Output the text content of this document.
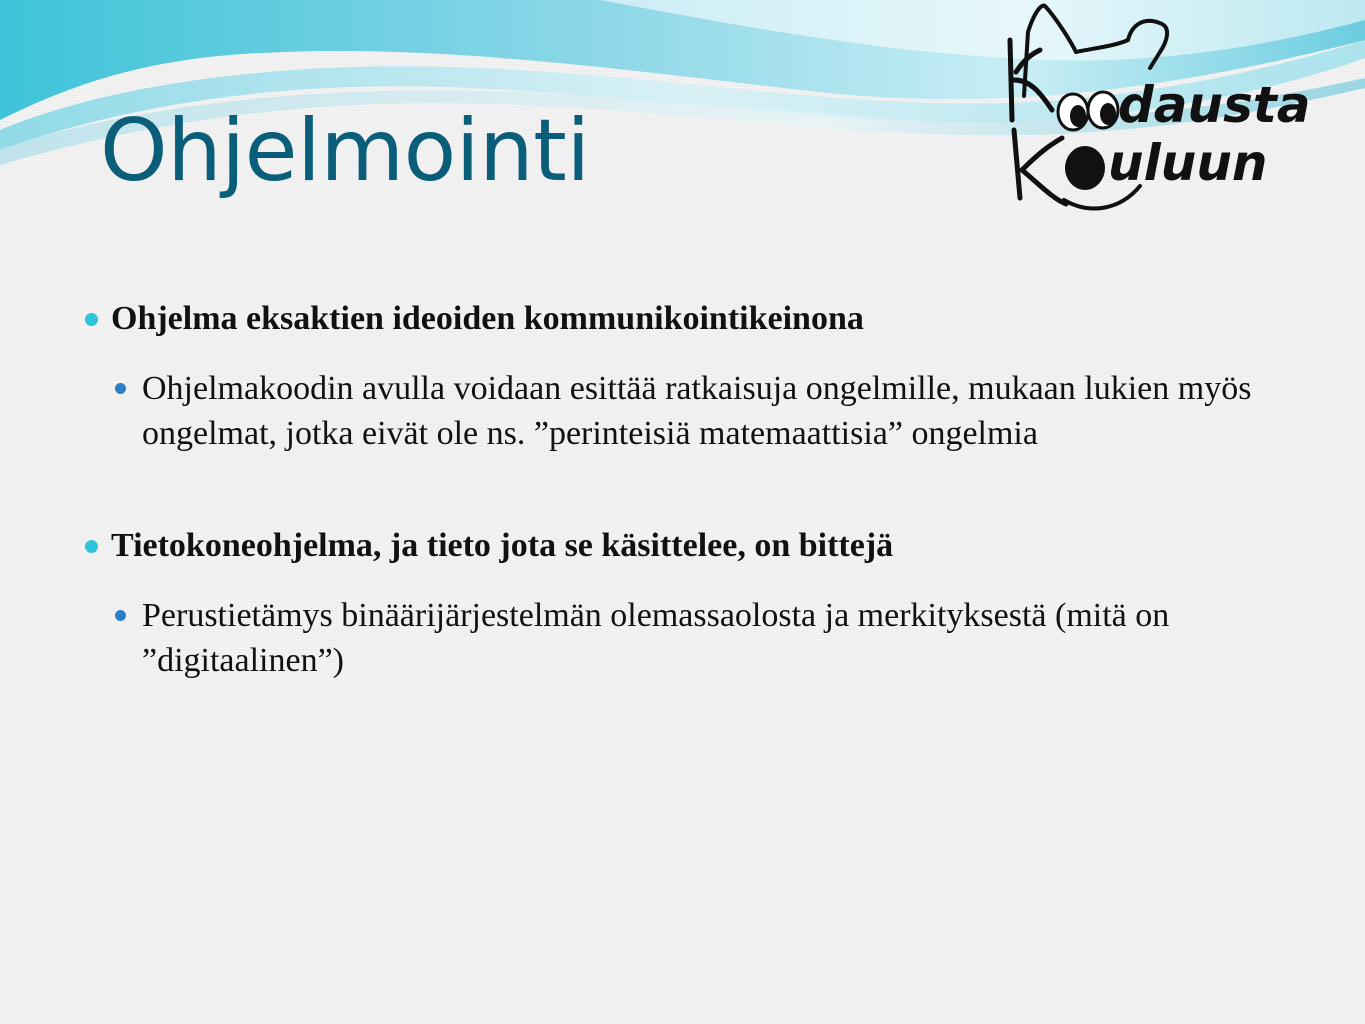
Ohjelmointi	dausta
uluun
Ohjelma eksaktien ideoiden kommunikointikeinona
Ohjelmakoodin avulla voidaan esittää ratkaisuja ongelmille, mukaan lukien myös ongelmat, jotka eivät ole ns. ”perinteisiä matemaattisia” ongelmia
Tietokoneohjelma, ja tieto jota se käsittelee, on bittejä
Perustietämys binäärijärjestelmän olemassaolosta ja merkityksestä (mitä on ”digitaalinen”)
